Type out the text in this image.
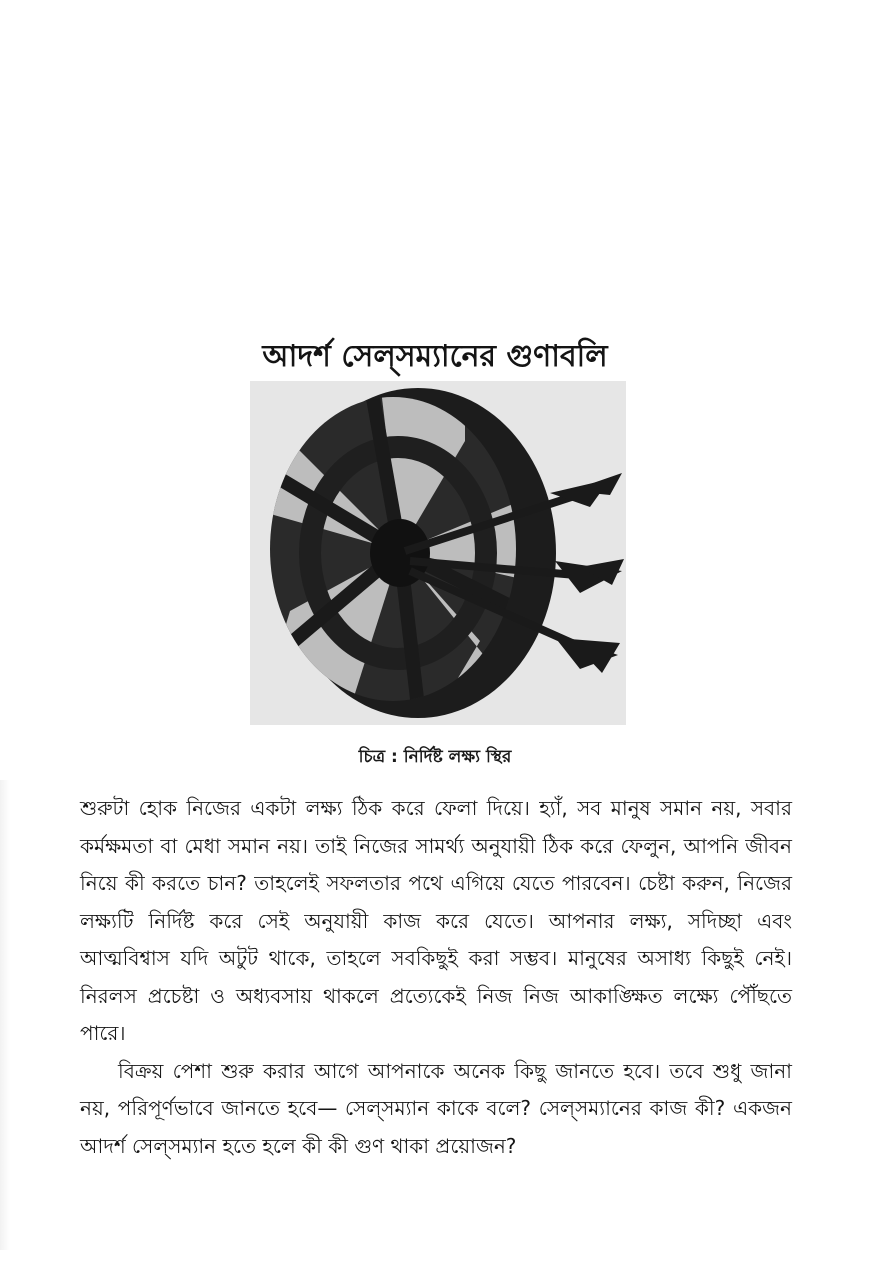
আদর্শ সেল্‌সম্যানের গুণাবলি
চিত্র : নির্দিষ্ট লক্ষ্য স্থির

শুরুটা হোক নিজের একটা লক্ষ্য ঠিক করে ফেলা দিয়ে। হ্যাঁ, সব মানুষ সমান নয়, সবার কর্মক্ষমতা বা মেধা সমান নয়। তাই নিজের সামর্থ্য অনুযায়ী ঠিক করে ফেলুন, আপনি জীবন নিয়ে কী করতে চান? তাহলেই সফলতার পথে এগিয়ে যেতে পারবেন। চেষ্টা করুন, নিজের লক্ষ্যটি নির্দিষ্ট করে সেই অনুযায়ী কাজ করে যেতে। আপনার লক্ষ্য, সদিচ্ছা এবং আত্মবিশ্বাস যদি অটুট থাকে, তাহলে সবকিছুই করা সম্ভব। মানুষের অসাধ্য কিছুই নেই। নিরলস প্রচেষ্টা ও অধ্যবসায় থাকলে প্রত্যেকেই নিজ নিজ আকাঙ্ক্ষিত লক্ষ্যে পৌঁছতে পারে।

বিক্রয় পেশা শুরু করার আগে আপনাকে অনেক কিছু জানতে হবে। তবে শুধু জানা নয়, পরিপূর্ণভাবে জানতে হবে— সেল্‌সম্যান কাকে বলে? সেল্‌সম্যানের কাজ কী? একজন আদর্শ সেল্‌সম্যান হতে হলে কী কী গুণ থাকা প্রয়োজন?
